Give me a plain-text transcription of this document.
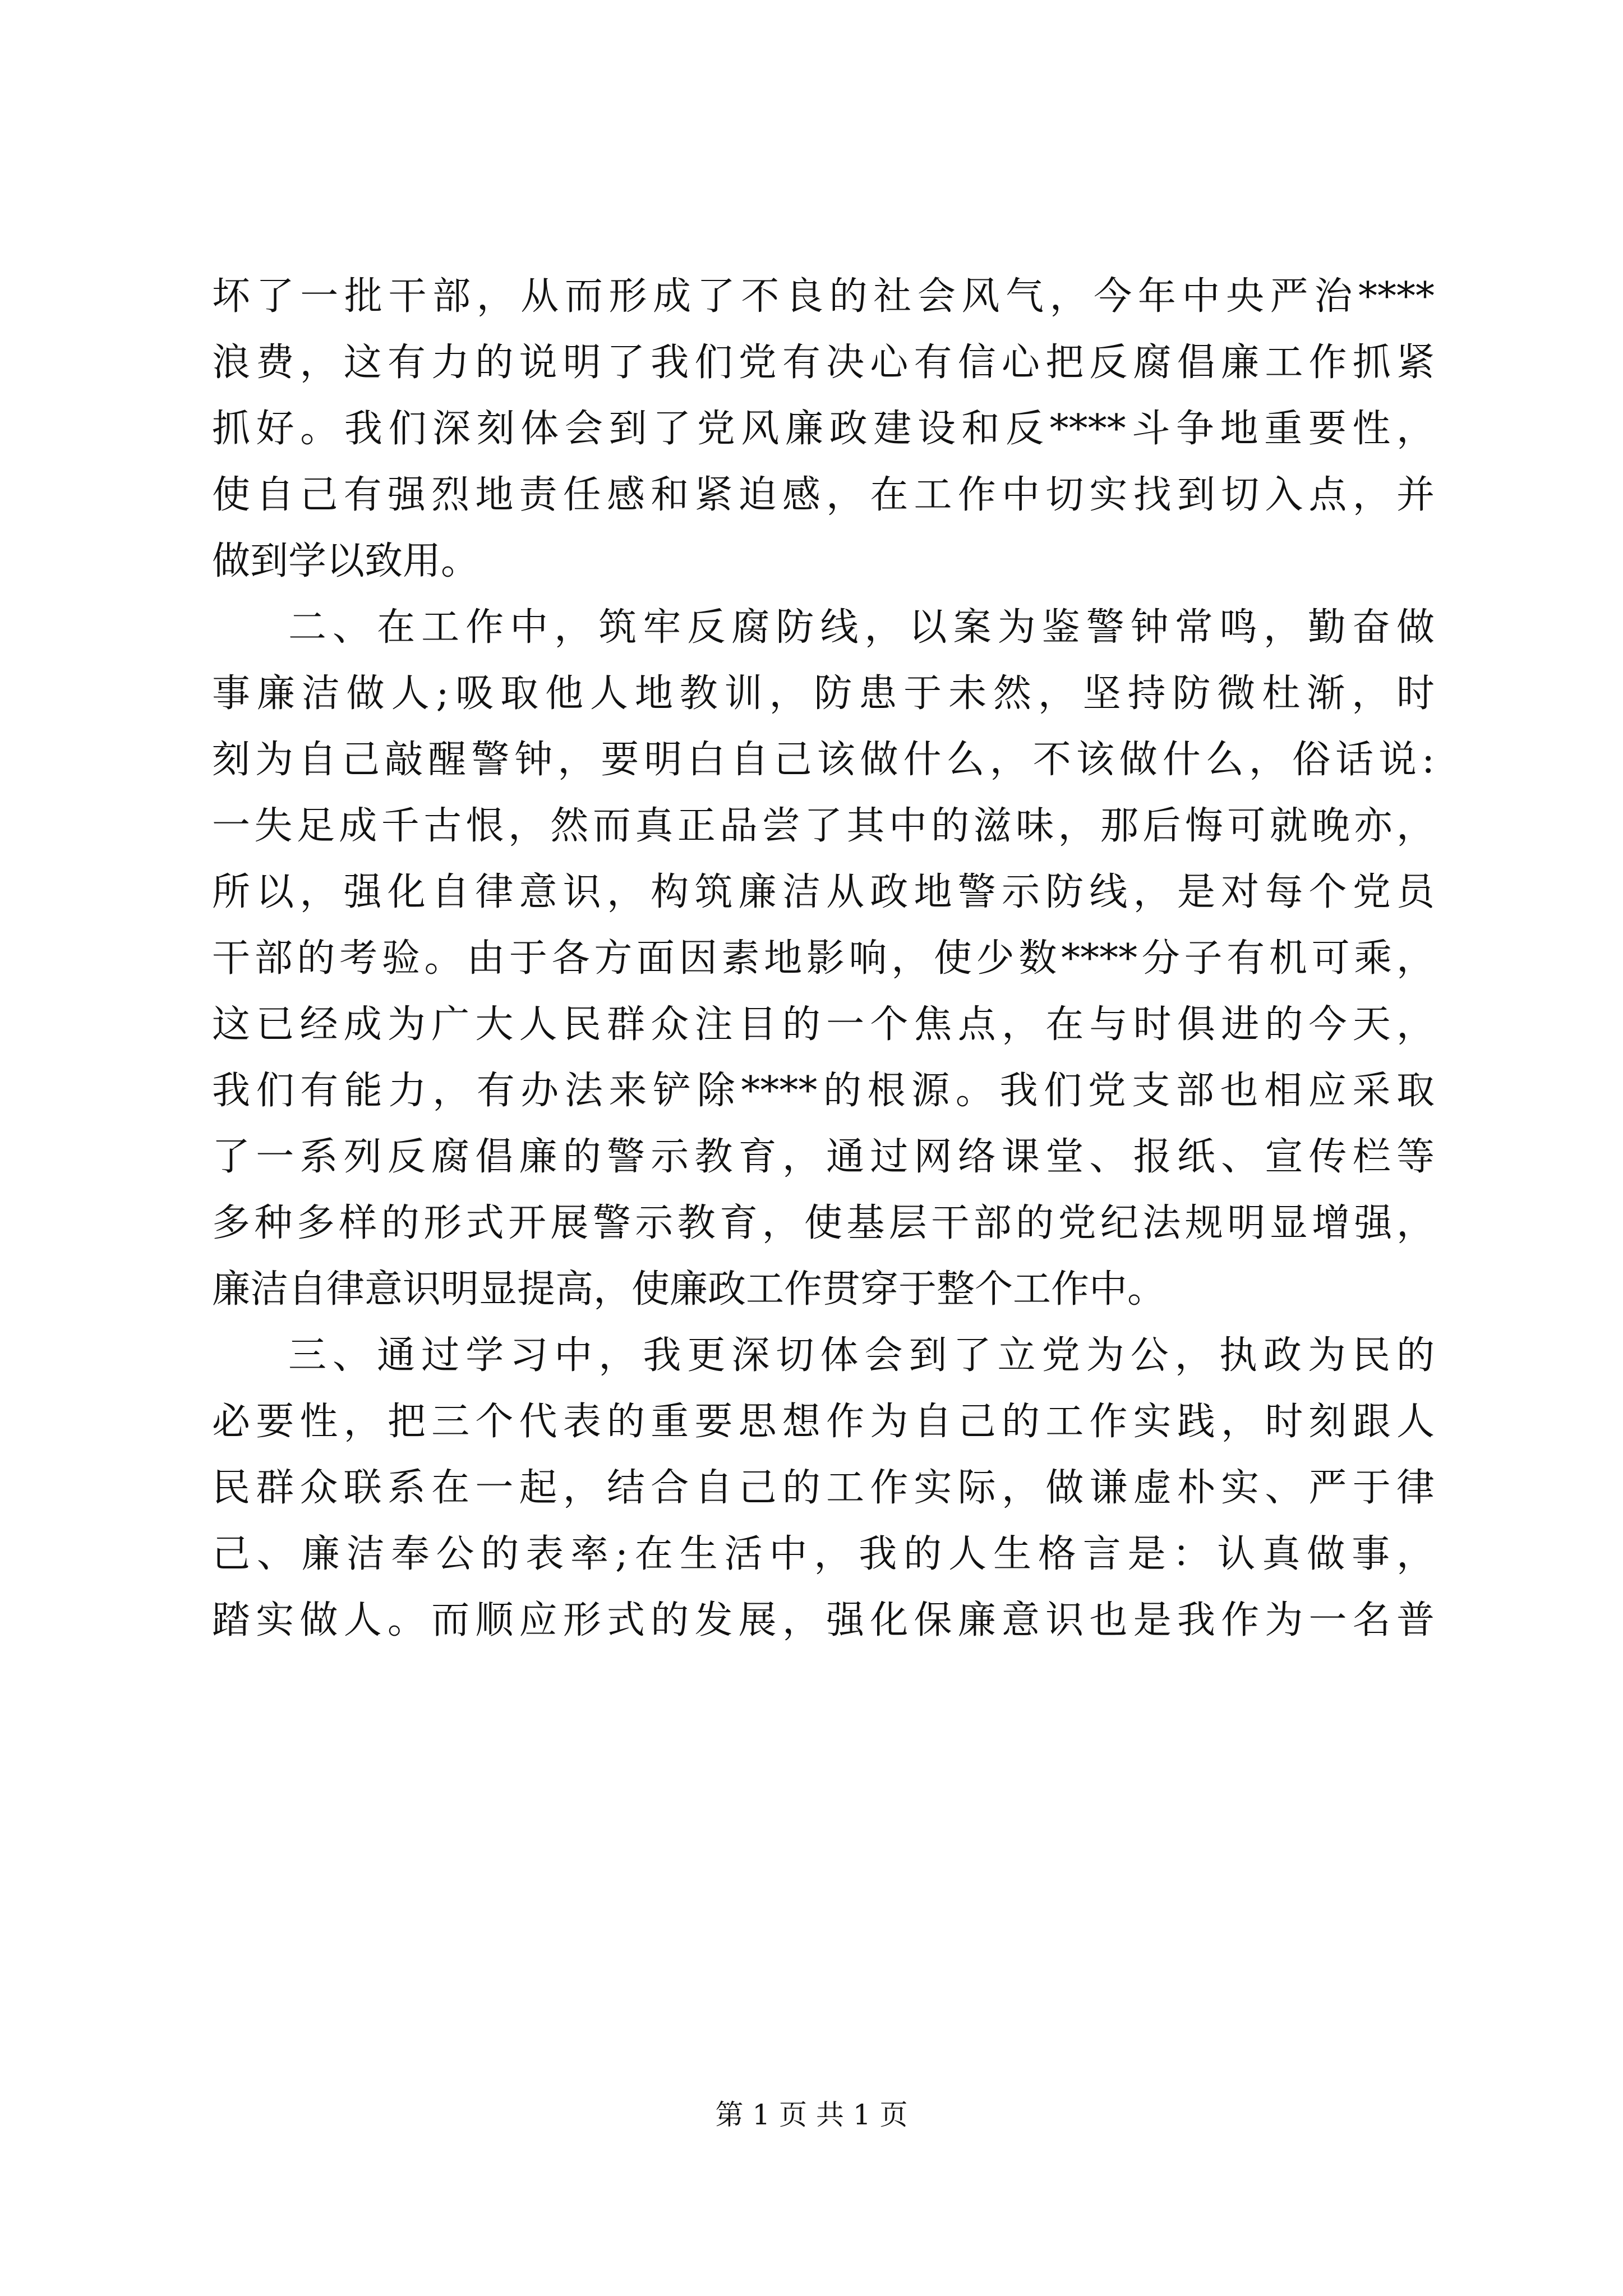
坏了一批干部，从而形成了不良的社会风气，今年中央严治****
浪费，这有力的说明了我们党有决心有信心把反腐倡廉工作抓紧
抓好。我们深刻体会到了党风廉政建设和反****斗争地重要性，
使自己有强烈地责任感和紧迫感，在工作中切实找到切入点，并
做到学以致用。
二、在工作中，筑牢反腐防线，以案为鉴警钟常鸣，勤奋做
事廉洁做人;吸取他人地教训，防患于未然，坚持防微杜渐，时
刻为自己敲醒警钟，要明白自己该做什么，不该做什么，俗话说:
一失足成千古恨，然而真正品尝了其中的滋味，那后悔可就晚亦，
所以，强化自律意识，构筑廉洁从政地警示防线，是对每个党员
干部的考验。由于各方面因素地影响，使少数****分子有机可乘，
这已经成为广大人民群众注目的一个焦点，在与时俱进的今天，
我们有能力，有办法来铲除****的根源。我们党支部也相应采取
了一系列反腐倡廉的警示教育，通过网络课堂、报纸、宣传栏等
多种多样的形式开展警示教育，使基层干部的党纪法规明显增强，
廉洁自律意识明显提高，使廉政工作贯穿于整个工作中。
三、通过学习中，我更深切体会到了立党为公，执政为民的
必要性，把三个代表的重要思想作为自己的工作实践，时刻跟人
民群众联系在一起，结合自己的工作实际，做谦虚朴实、严于律
己、廉洁奉公的表率;在生活中，我的人生格言是：认真做事，
踏实做人。而顺应形式的发展，强化保廉意识也是我作为一名普
第 1 页 共 1 页
